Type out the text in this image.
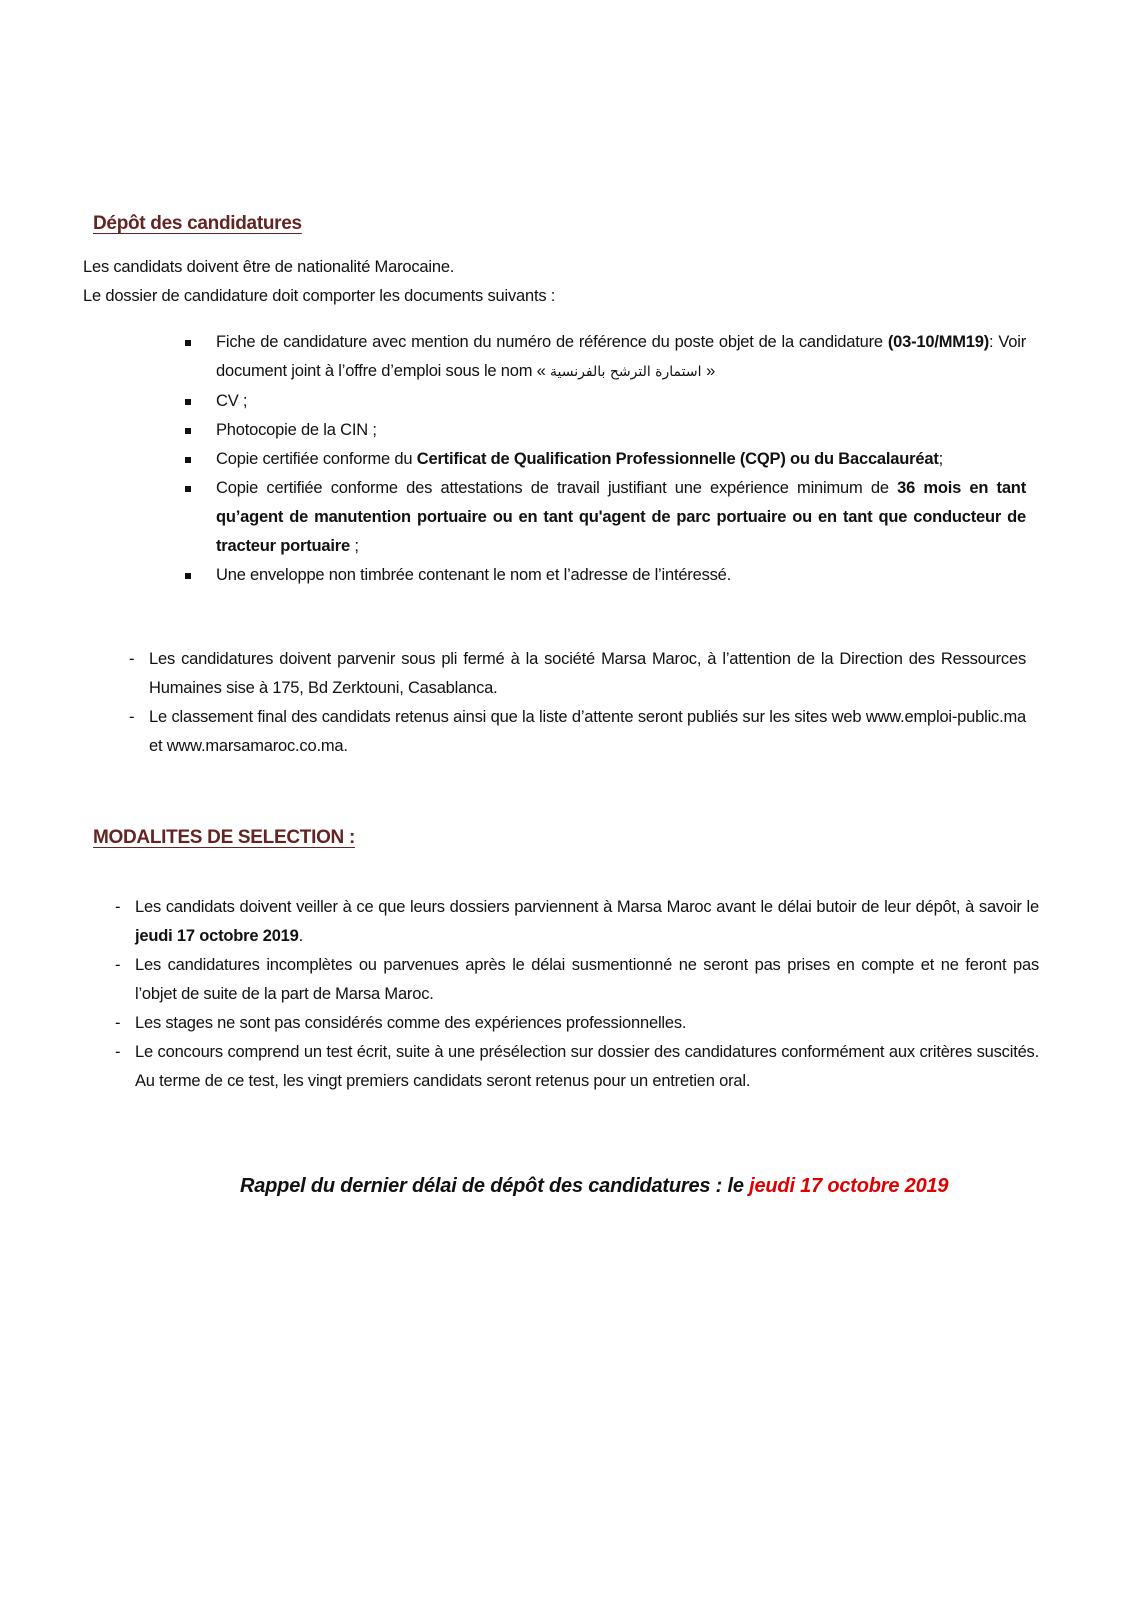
Dépôt des candidatures
Les candidats doivent être de nationalité Marocaine.
Le dossier de candidature doit comporter les documents suivants :
Fiche de candidature avec mention du numéro de référence du poste objet de la candidature (03-10/MM19): Voir document joint à l’offre d’emploi sous le nom « استمارة الترشح بالفرنسية »
CV ;
Photocopie de la CIN ;
Copie certifiée conforme du Certificat de Qualification Professionnelle (CQP) ou du Baccalauréat;
Copie certifiée conforme des attestations de travail justifiant une expérience minimum de 36 mois en tant qu’agent de manutention portuaire ou en tant qu'agent de parc portuaire ou en tant que conducteur de tracteur portuaire ;
Une enveloppe non timbrée contenant le nom et l’adresse de l’intéressé.
- Les candidatures doivent parvenir sous pli fermé à la société Marsa Maroc, à l’attention de la Direction des Ressources Humaines sise à 175, Bd Zerktouni, Casablanca.
- Le classement final des candidats retenus ainsi que la liste d’attente seront publiés sur les sites web www.emploi-public.ma et www.marsamaroc.co.ma.
MODALITES DE SELECTION :
- Les candidats doivent veiller à ce que leurs dossiers parviennent à Marsa Maroc avant le délai butoir de leur dépôt, à savoir le jeudi 17 octobre 2019.
- Les candidatures incomplètes ou parvenues après le délai susmentionné ne seront pas prises en compte et ne feront pas l’objet de suite de la part de Marsa Maroc.
- Les stages ne sont pas considérés comme des expériences professionnelles.
- Le concours comprend un test écrit, suite à une présélection sur dossier des candidatures conformément aux critères suscités. Au terme de ce test, les vingt premiers candidats seront retenus pour un entretien oral.
Rappel du dernier délai de dépôt des candidatures : le jeudi 17 octobre 2019
